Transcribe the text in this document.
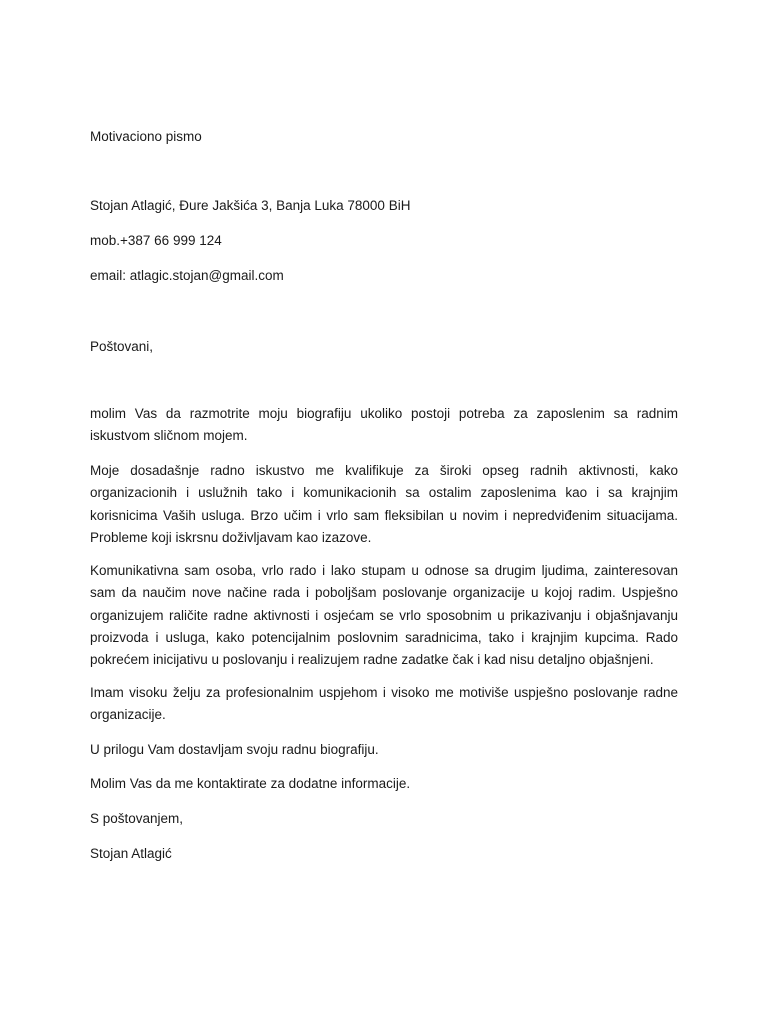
Motivaciono pismo
Stojan Atlagić, Đure Jakšića 3, Banja Luka 78000 BiH
mob.+387 66 999 124
email: atlagic.stojan@gmail.com
Poštovani,

molim Vas da razmotrite moju biografiju ukoliko postoji potreba za zaposlenim sa radnim iskustvom sličnom mojem.

Moje dosadašnje radno iskustvo me kvalifikuje za široki opseg radnih aktivnosti, kako organizacionih i uslužnih tako i komunikacionih sa ostalim zaposlenima kao i sa krajnjim korisnicima Vaših usluga. Brzo učim i vrlo sam fleksibilan u novim i nepredviđenim situacijama. Probleme koji iskrsnu doživljavam kao izazove.

Komunikativna sam osoba, vrlo rado i lako stupam u odnose sa drugim ljudima, zainteresovan sam da naučim nove načine rada i poboljšam poslovanje organizacije u kojoj radim. Uspješno organizujem raličite radne aktivnosti i osjećam se vrlo sposobnim u prikazivanju i objašnjavanju proizvoda i usluga, kako potencijalnim poslovnim saradnicima, tako i krajnjim kupcima. Rado pokrećem inicijativu u poslovanju i realizujem radne zadatke čak i kad nisu detaljno objašnjeni.

Imam visoku želju za profesionalnim uspjehom i visoko me motiviše uspješno poslovanje radne organizacije.

U prilogu Vam dostavljam svoju radnu biografiju.
Molim Vas da me kontaktirate za dodatne informacije.
S poštovanjem,
Stojan Atlagić
